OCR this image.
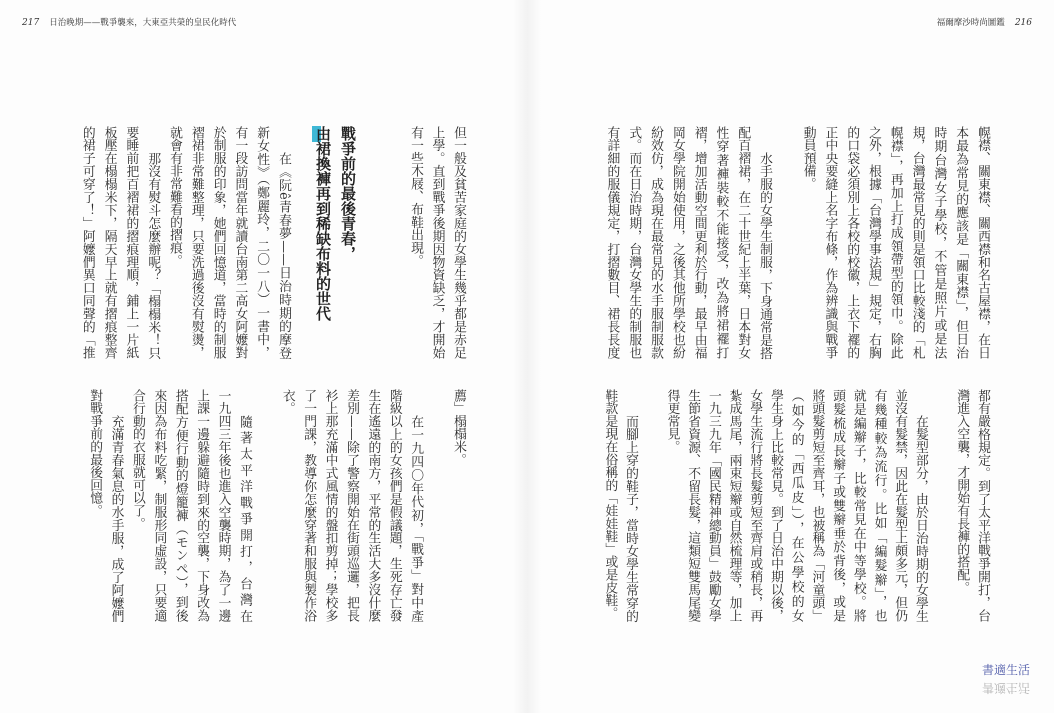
217 日治晚期——戰爭襲來，大東亞共榮的皇民化時代	福爾摩沙時尚圖鑑 216
幌襟、關東襟、關西襟和名古屋襟，在日
本最為常見的應該是「關東襟」，但日治
時期台灣女子學校，不管是照片或是法
規，台灣最常見的則是領口比較淺的「札
幌襟」，再加上打成領帶型的領巾。除此
之外，根據「台灣學事法規」規定，右胸
的口袋必須別上各校的校徽，上衣下襬的
正中央要縫上名字布條，作為辨識與戰爭
動員預備。
水手服的女學生制服，下身通常是搭
配百褶裙，在二十世紀上半葉，日本對女
性穿著褲裝較不能接受，改為將裙襬打
褶，增加活動空間更利於行動，最早由福
岡女學院開始使用，之後其他所學校也紛
紛效仿，成為現在最常見的水手服制服款
式。而在日治時期，台灣女學生的制服也
有詳細的服儀規定，打摺數目、裙長長度
都有嚴格規定。到了太平洋戰爭開打，台
灣進入空襲，才開始有長褲的搭配。
在髮型部分，由於日治時期的女學生
並沒有髮禁，因此在髮型上頗多元，但仍
有幾種較為流行。比如「編髮辮」，也
就是編辮子，比較常見在中等學校。將
頭髮梳成長辮子或雙辮垂於背後，或是
將頭髮剪短至齊耳，也被稱為「河童頭」
（如今的「西瓜皮」），在公學校的女
學生身上比較常見。到了日治中期以後，
女學生流行將長髮剪短至齊肩或稍長，再
紮成馬尾，兩束短辮或自然梳理等，加上
一九三九年「國民精神總動員」鼓勵女學
生節省資源、不留長髮，這類短雙馬尾變
得更常見。
而腳上穿的鞋子，當時女學生常穿的
鞋款是現在俗稱的「娃娃鞋」或是皮鞋。
但一般及貧苦家庭的女學生幾乎都是赤足
上學。直到戰爭後期因物資缺乏，才開始
有一些木屐、布鞋出現。
戰爭前的最後青春，
由裙換褲再到稀缺布料的世代
在《阮ê青春夢——日治時期的摩登
新女性》（鄭麗玲，二〇一八）一書中，
有一段訪問當年就讀台南第二高女阿嬤對
於制服的印象，她們回憶道，當時的制服
褶裙非常難整理，只要洗過後沒有熨燙，
就會有非常難看的摺痕。
那沒有熨斗怎麼辦呢？「榻榻米！只
要睡前把百褶裙的摺痕理順，鋪上一片紙
板壓在榻榻米下，隔天早上就有摺痕整齊
的裙子可穿了！」阿嬤們異口同聲的「推
薦」榻榻米。
在一九四〇年代初，「戰爭」對中產
階級以上的女孩們是假議題，生死存亡發
生在遙遠的南方，平常的生活大多沒什麼
差別——除了警察開始在街頭巡邏，把長
衫上那充滿中式風情的盤扣剪掉；學校多
了一門課，教導你怎麼穿著和服與製作浴
衣。
隨著太平洋戰爭開打，台灣在
一九四三年後也進入空襲時期，為了一邊
上課一邊躲避隨時到來的空襲，下身改為
搭配方便行動的燈籠褲（モンペ），到後
來因為布料吃緊，制服形同虛設，只要適
合行動的衣服就可以了。
充滿青春氣息的水手服，成了阿嬤們
對戰爭前的最後回憶。
書適生活
書適生活
